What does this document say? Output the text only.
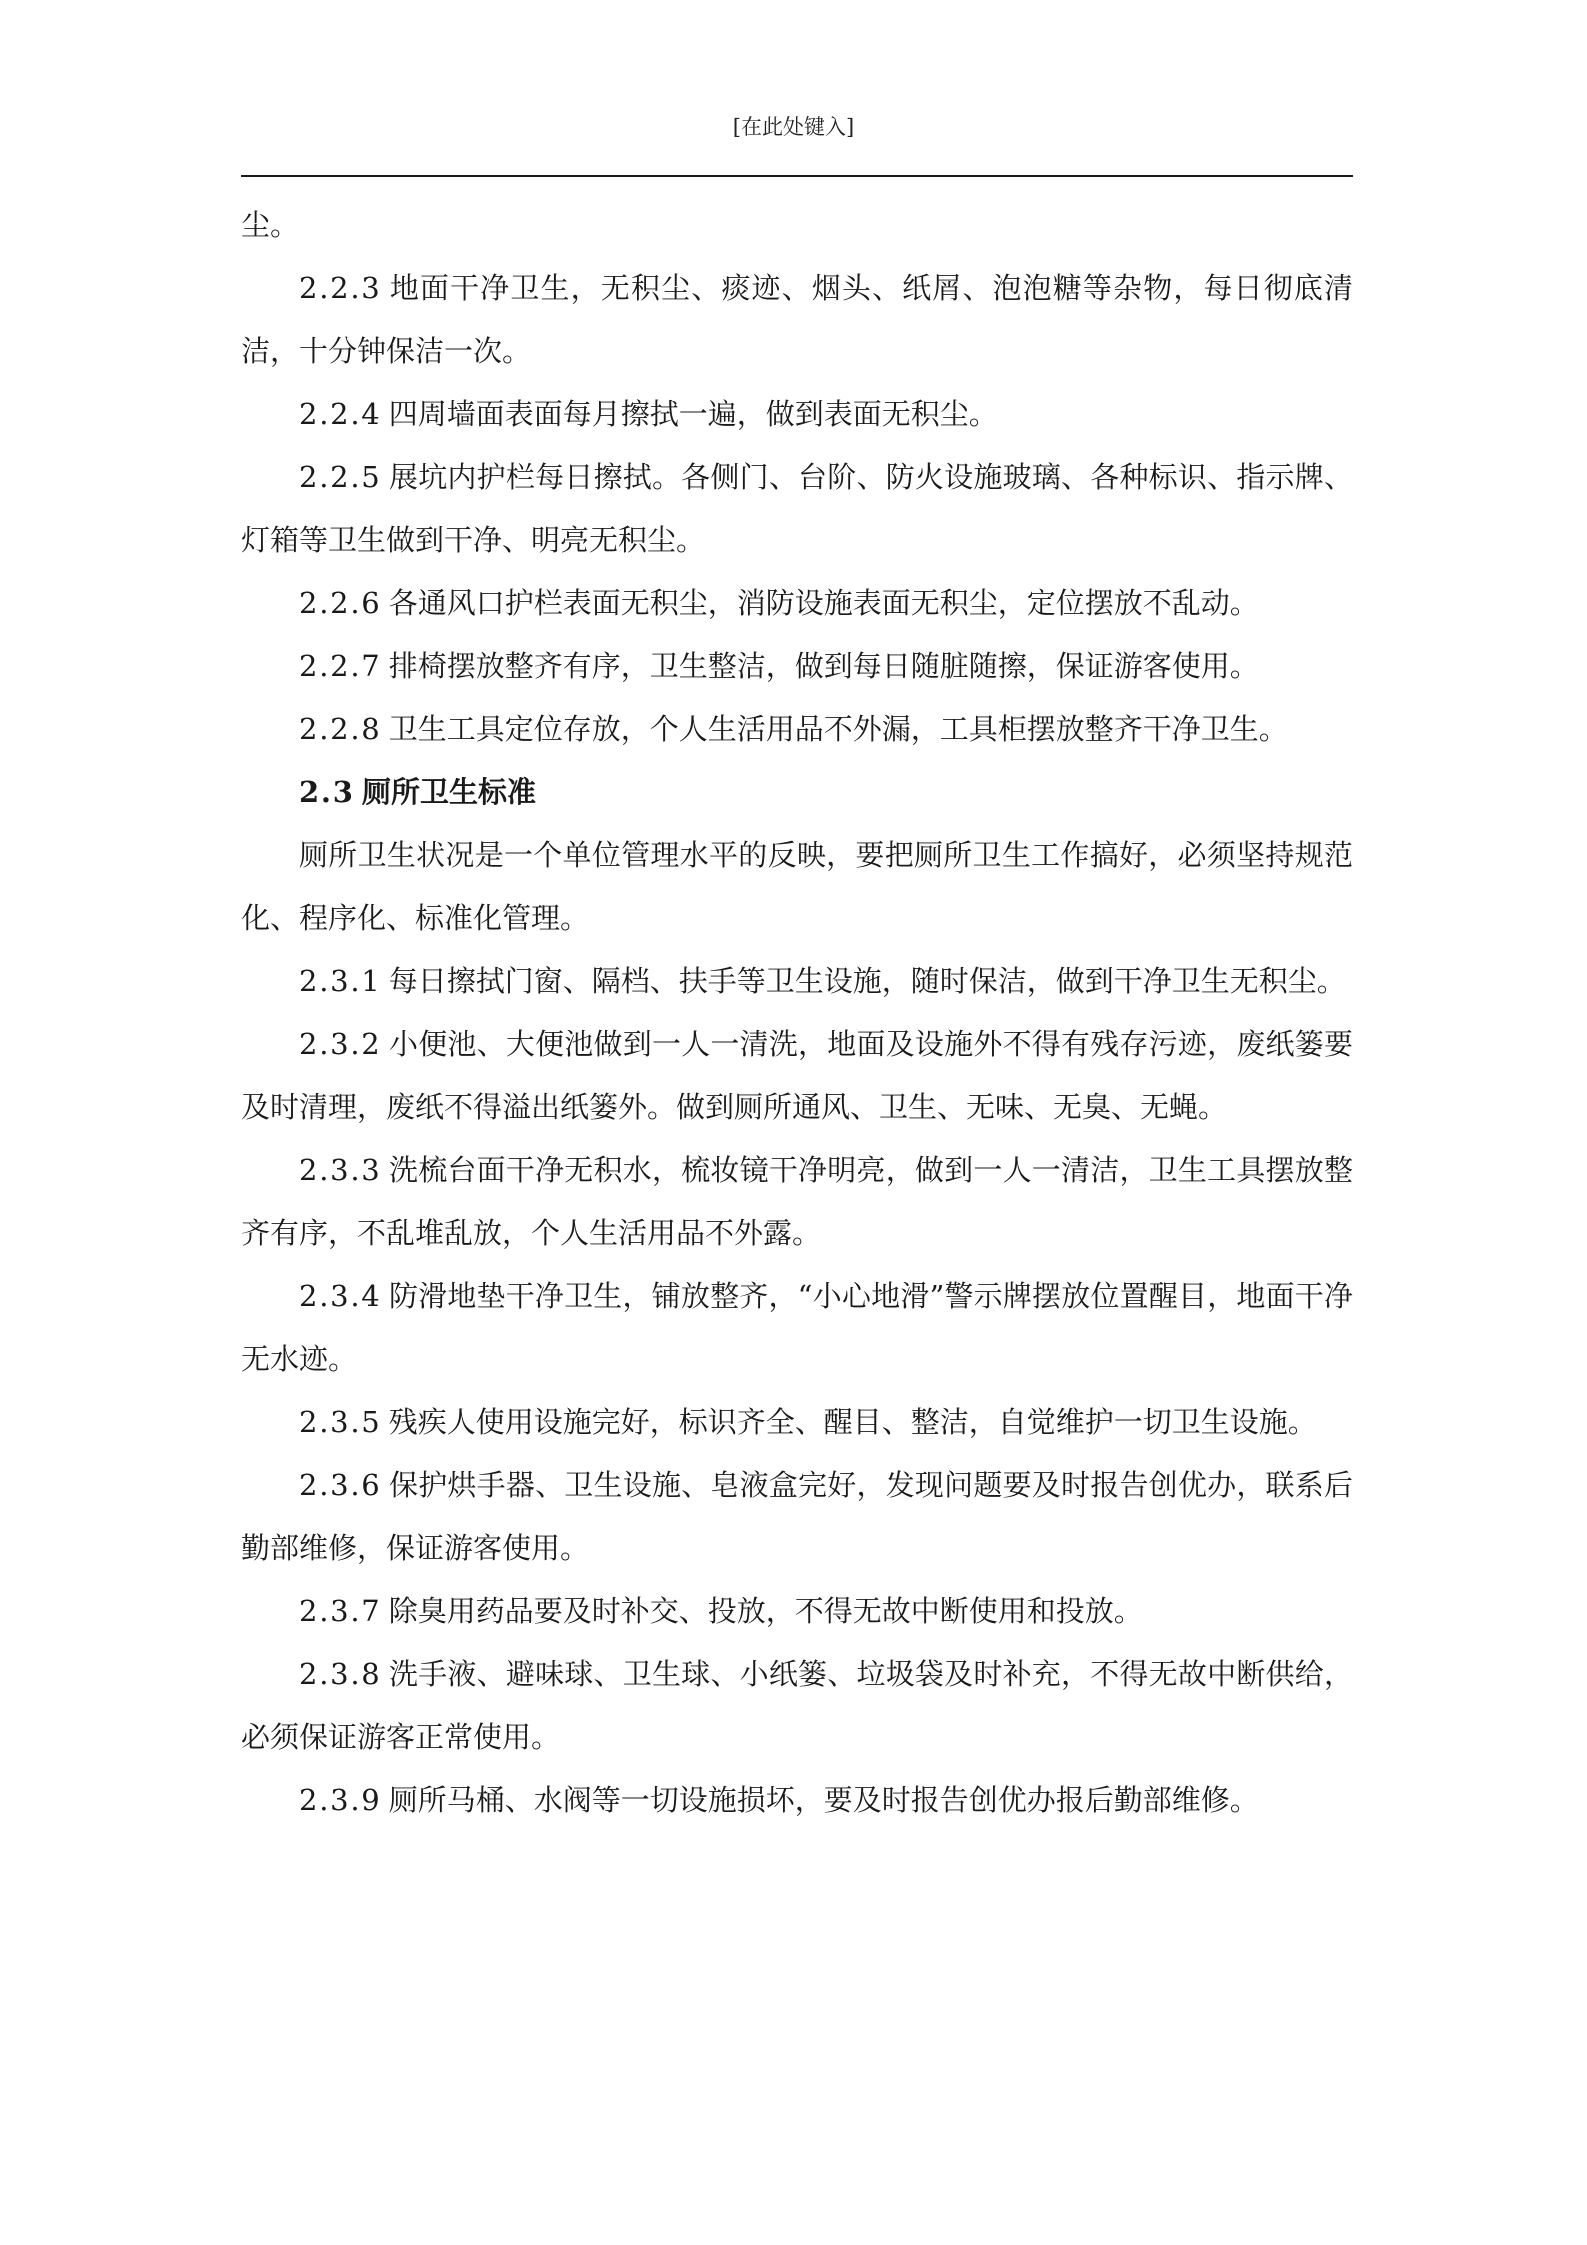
[在此处键入]

尘。

2.2.3 地面干净卫生，无积尘、痰迹、烟头、纸屑、泡泡糖等杂物，每日彻底清洁，十分钟保洁一次。

2.2.4 四周墙面表面每月擦拭一遍，做到表面无积尘。

2.2.5 展坑内护栏每日擦拭。各侧门、台阶、防火设施玻璃、各种标识、指示牌、灯箱等卫生做到干净、明亮无积尘。

2.2.6 各通风口护栏表面无积尘，消防设施表面无积尘，定位摆放不乱动。

2.2.7 排椅摆放整齐有序，卫生整洁，做到每日随脏随擦，保证游客使用。

2.2.8 卫生工具定位存放，个人生活用品不外漏，工具柜摆放整齐干净卫生。

2.3 厕所卫生标准

厕所卫生状况是一个单位管理水平的反映，要把厕所卫生工作搞好，必须坚持规范化、程序化、标准化管理。

2.3.1 每日擦拭门窗、隔档、扶手等卫生设施，随时保洁，做到干净卫生无积尘。

2.3.2 小便池、大便池做到一人一清洗，地面及设施外不得有残存污迹，废纸篓要及时清理，废纸不得溢出纸篓外。做到厕所通风、卫生、无味、无臭、无蝇。

2.3.3 洗梳台面干净无积水，梳妆镜干净明亮，做到一人一清洁，卫生工具摆放整齐有序，不乱堆乱放，个人生活用品不外露。

2.3.4 防滑地垫干净卫生，铺放整齐，“小心地滑”警示牌摆放位置醒目，地面干净无水迹。

2.3.5 残疾人使用设施完好，标识齐全、醒目、整洁，自觉维护一切卫生设施。

2.3.6 保护烘手器、卫生设施、皂液盒完好，发现问题要及时报告创优办，联系后勤部维修，保证游客使用。

2.3.7 除臭用药品要及时补交、投放，不得无故中断使用和投放。

2.3.8 洗手液、避味球、卫生球、小纸篓、垃圾袋及时补充，不得无故中断供给，必须保证游客正常使用。

2.3.9 厕所马桶、水阀等一切设施损坏，要及时报告创优办报后勤部维修。
